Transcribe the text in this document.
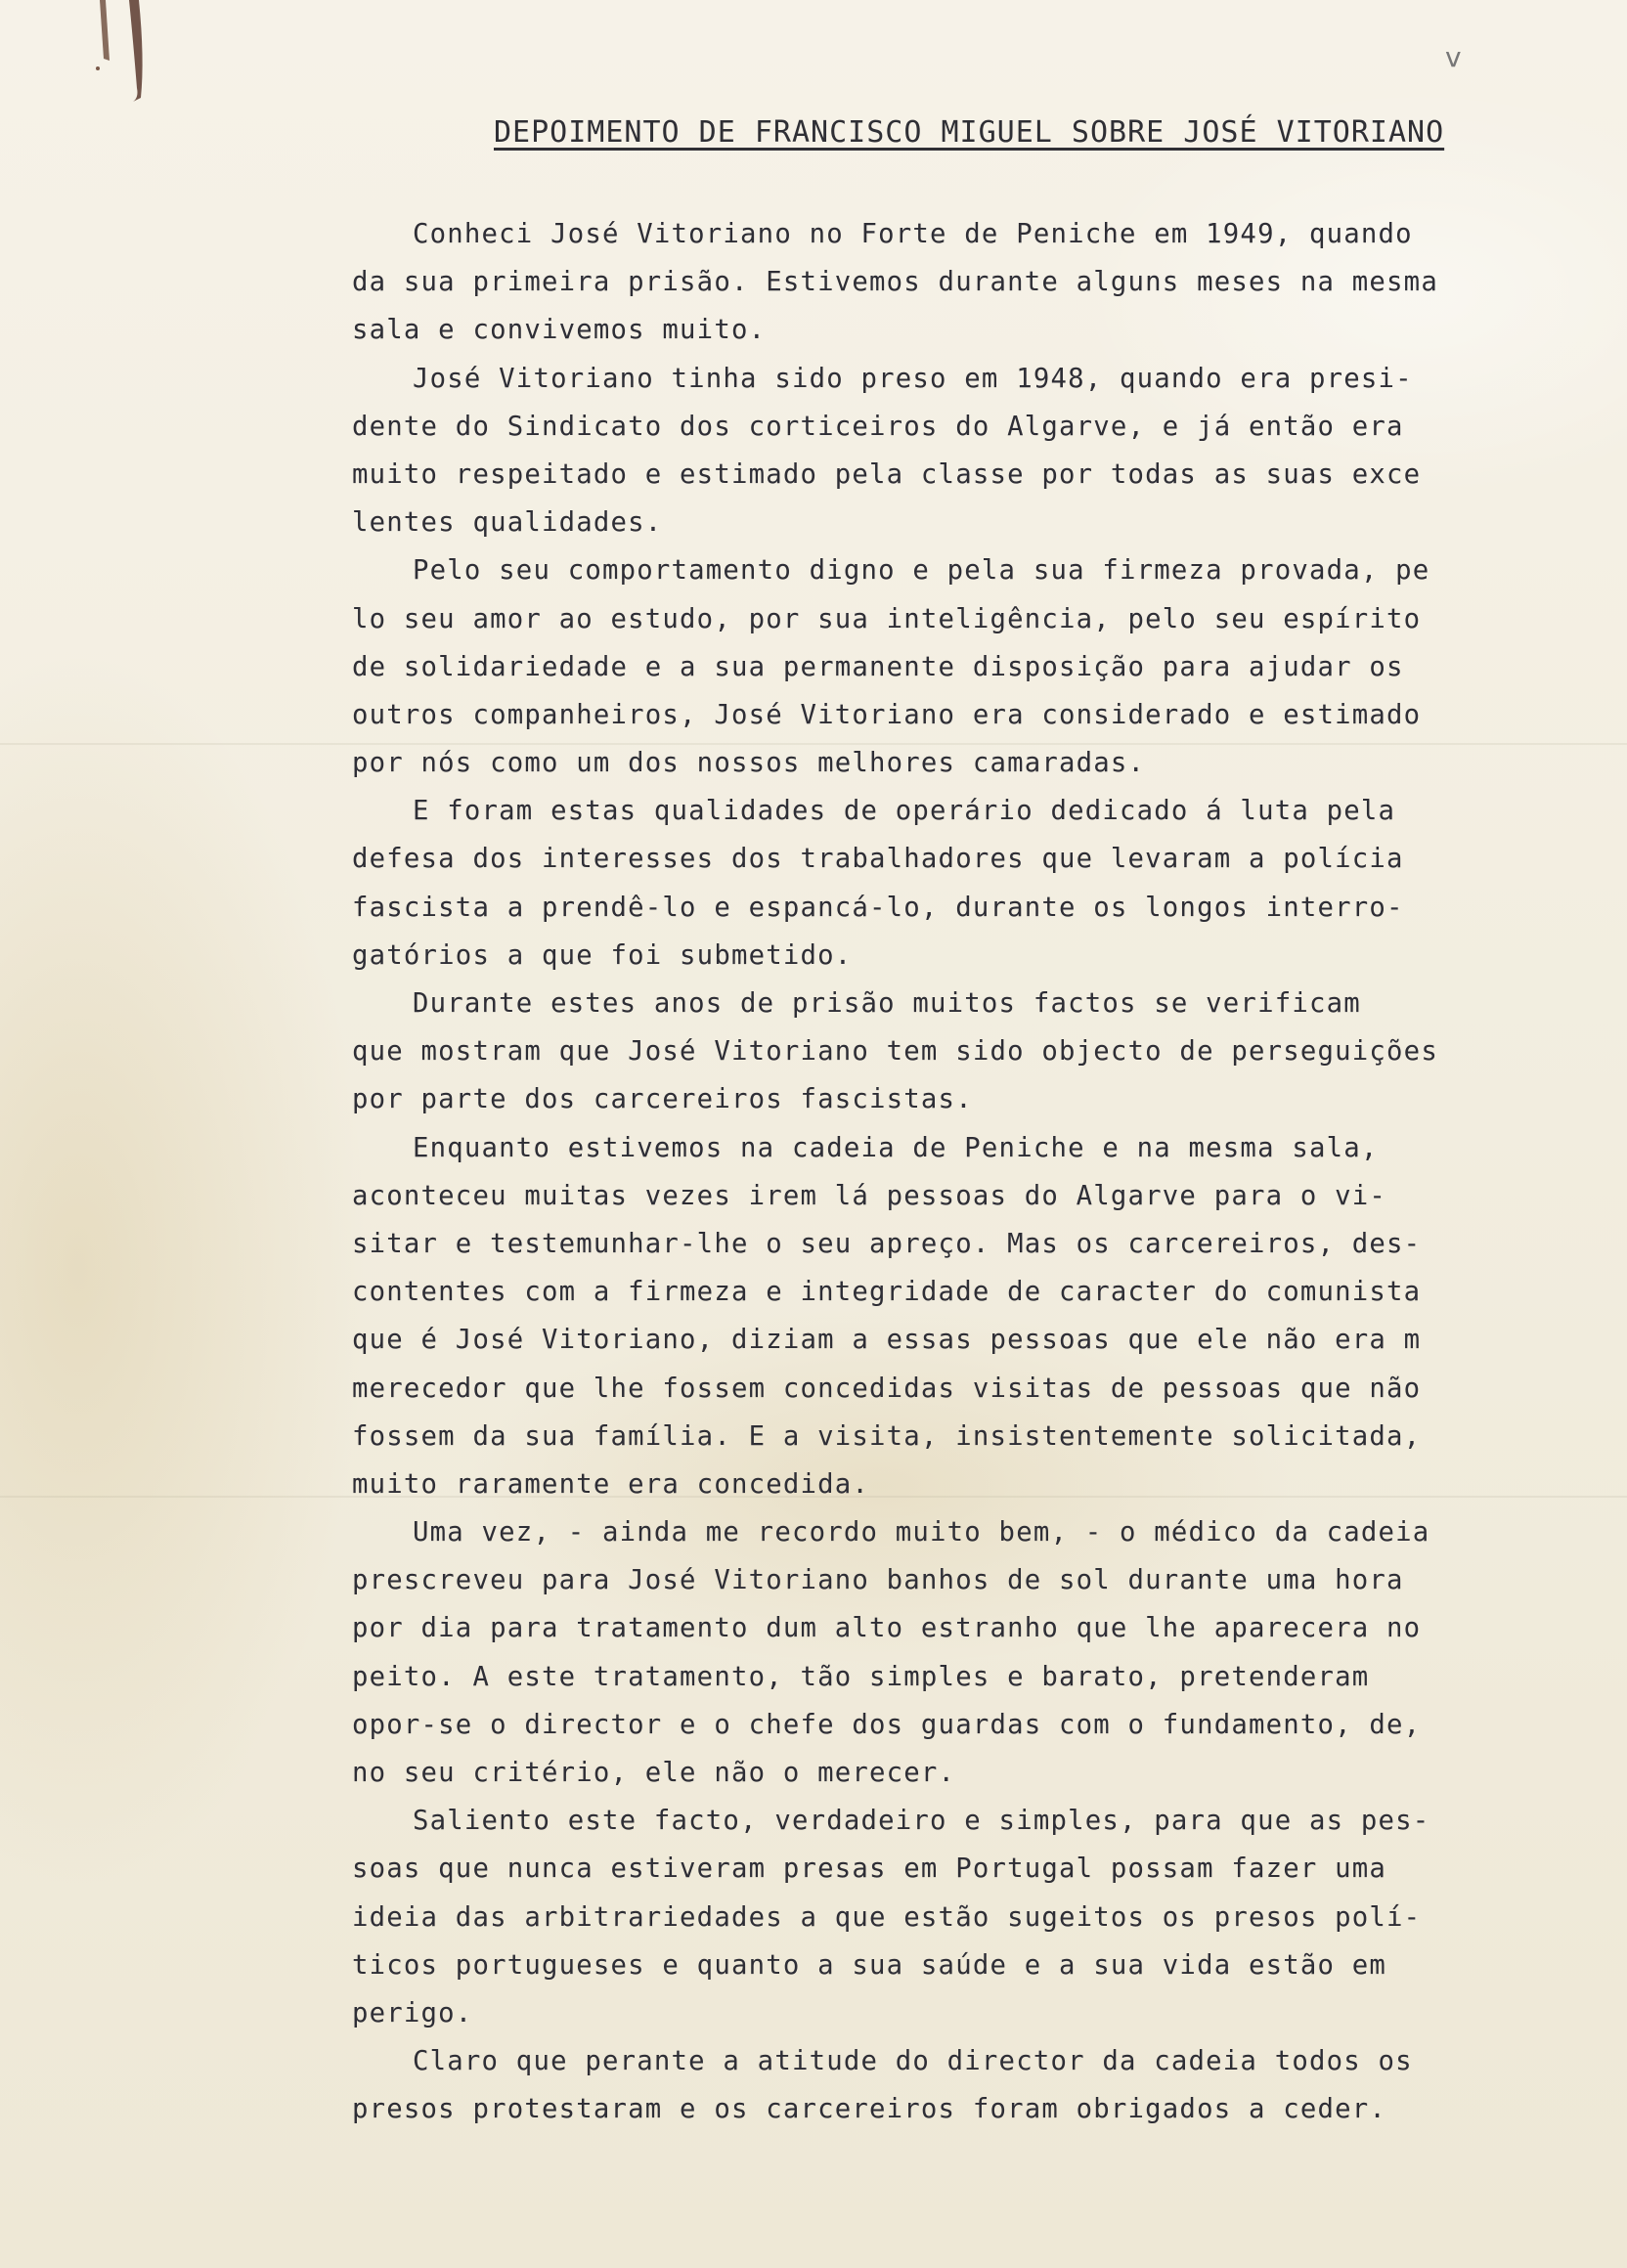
v
DEPOIMENTO DE FRANCISCO MIGUEL SOBRE JOSÉ VITORIANO
Conheci José Vitoriano no Forte de Peniche em 1949, quando
da sua primeira prisão. Estivemos durante alguns meses na mesma
sala e convivemos muito.
José Vitoriano tinha sido preso em 1948, quando era presi-
dente do Sindicato dos corticeiros do Algarve, e já então era
muito respeitado e estimado pela classe por todas as suas exce
lentes qualidades.
Pelo seu comportamento digno e pela sua firmeza provada, pe
lo seu amor ao estudo, por sua inteligência, pelo seu espírito
de solidariedade e a sua permanente disposição para ajudar os
outros companheiros, José Vitoriano era considerado e estimado
por nós como um dos nossos melhores camaradas.
E foram estas qualidades de operário dedicado á luta pela
defesa dos interesses dos trabalhadores que levaram a polícia
fascista a prendê-lo e espancá-lo, durante os longos interro-
gatórios a que foi submetido.
Durante estes anos de prisão muitos factos se verificam
que mostram que José Vitoriano tem sido objecto de perseguições
por parte dos carcereiros fascistas.
Enquanto estivemos na cadeia de Peniche e na mesma sala,
aconteceu muitas vezes irem lá pessoas do Algarve para o vi-
sitar e testemunhar-lhe o seu apreço. Mas os carcereiros, des-
contentes com a firmeza e integridade de caracter do comunista
que é José Vitoriano, diziam a essas pessoas que ele não era m
merecedor que lhe fossem concedidas visitas de pessoas que não
fossem da sua família. E a visita, insistentemente solicitada,
muito raramente era concedida.
Uma vez, - ainda me recordo muito bem, - o médico da cadeia
prescreveu para José Vitoriano banhos de sol durante uma hora
por dia para tratamento dum alto estranho que lhe aparecera no
peito. A este tratamento, tão simples e barato, pretenderam
opor-se o director e o chefe dos guardas com o fundamento, de,
no seu critério, ele não o merecer.
Saliento este facto, verdadeiro e simples, para que as pes-
soas que nunca estiveram presas em Portugal possam fazer uma
ideia das arbitrariedades a que estão sugeitos os presos polí-
ticos portugueses e quanto a sua saúde e a sua vida estão em
perigo.
Claro que perante a atitude do director da cadeia todos os
presos protestaram e os carcereiros foram obrigados a ceder.
